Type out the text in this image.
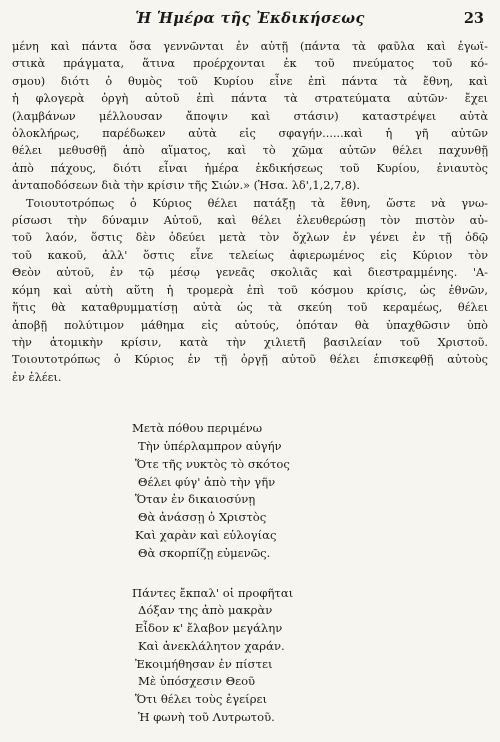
Ἡ Ἡμέρα τῆς Ἐκδικήσεως	23

μένη καὶ πάντα ὅσα γεννῶνται ἐν αὐτῇ (πάντα τὰ φαῦλα καὶ ἐγωϊ-
στικὰ πράγματα, ἅτινα προέρχονται ἐκ τοῦ πνεύματος τοῦ κό-
σμου) διότι ὁ θυμὸς τοῦ Κυρίου εἶνε ἐπὶ πάντα τὰ ἔθνη, καὶ
ἡ φλογερὰ ὀργὴ αὐτοῦ ἐπὶ πάντα τὰ στρατεύματα αὐτῶν· ἔχει
(λαμβάνων μέλλουσαν ἄποψιν καὶ στάσιν) καταστρέψει αὐτὰ
ὁλοκλήρως, παρέδωκεν αὐτὰ εἰς σφαγήν......καὶ ἡ γῆ αὐτῶν
θέλει μεθυσθῇ ἀπὸ αἵματος, καὶ τὸ χῶμα αὐτῶν θέλει παχυνθῇ
ἀπὸ πάχους, διότι εἶναι ἡμέρα ἐκδικήσεως τοῦ Κυρίου, ἐνιαυτὸς
ἀνταποδόσεων διὰ τὴν κρίσιν τῆς Σιών.» (Ἡσα. λδ',1,2,7,8).

Τοιουτοτρόπως ὁ Κύριος θέλει πατάξῃ τὰ ἔθνη, ὥστε νὰ γνω-
ρίσωσι τὴν δύναμιν Αὐτοῦ, καὶ θέλει ἐλευθερώσῃ τὸν πιστὸν αὐ-
τοῦ λαόν, ὅστις δὲν ὁδεύει μετὰ τὸν ὄχλων ἐν γένει ἐν τῇ ὁδῷ
τοῦ κακοῦ, ἀλλ' ὅστις εἶνε τελείως ἀφιερωμένος εἰς Κύριον τὸν
Θεὸν αὐτοῦ, ἐν τῷ μέσῳ γενεᾶς σκολιᾶς καὶ διεστραμμένης. 'Α-
κόμη καὶ αὐτὴ αὕτη ἡ τρομερὰ ἐπὶ τοῦ κόσμου κρίσις, ὡς ἐθνῶν,
ἥτις θὰ καταθρυμματίσῃ αὐτὰ ὡς τὰ σκεύη τοῦ κεραμέως, θέλει
ἀποβῇ πολύτιμον μάθημα εἰς αὐτούς, ὁπόταν θὰ ὑπαχθῶσιν ὑπὸ
τὴν ἀτομικὴν κρίσιν, κατὰ τὴν χιλιετῆ βασιλείαν τοῦ Χριστοῦ.
Τοιουτοτρόπως ὁ Κύριος ἐν τῇ ὀργῇ αὐτοῦ θέλει ἐπισκεφθῇ αὐτοὺς
ἐν ἐλέει.

Μετὰ πόθου περιμένω
Τὴν ὑπέρλαμπρον αὐγήν
Ὅτε τῆς νυκτὸς τὸ σκότος
Θέλει φύγ' ἀπὸ τὴν γῆν
Ὅταν ἐν δικαιοσύνῃ
Θὰ ἀνάσσῃ ὁ Χριστὸς
Καὶ χαρὰν καὶ εὐλογίας
Θὰ σκορπίζῃ εὐμενῶς.
Πάντες ἔκπαλ' οἱ προφῆται
Δόξαν της ἀπὸ μακρὰν
Εἶδον κ' ἔλαβον μεγάλην
Καὶ ἀνεκλάλητον χαράν.
Ἐκοιμήθησαν ἐν πίστει
Μὲ ὑπόσχεσιν Θεοῦ
Ὅτι θέλει τοὺς ἐγείρει
Ἡ φωνὴ τοῦ Λυτρωτοῦ.
